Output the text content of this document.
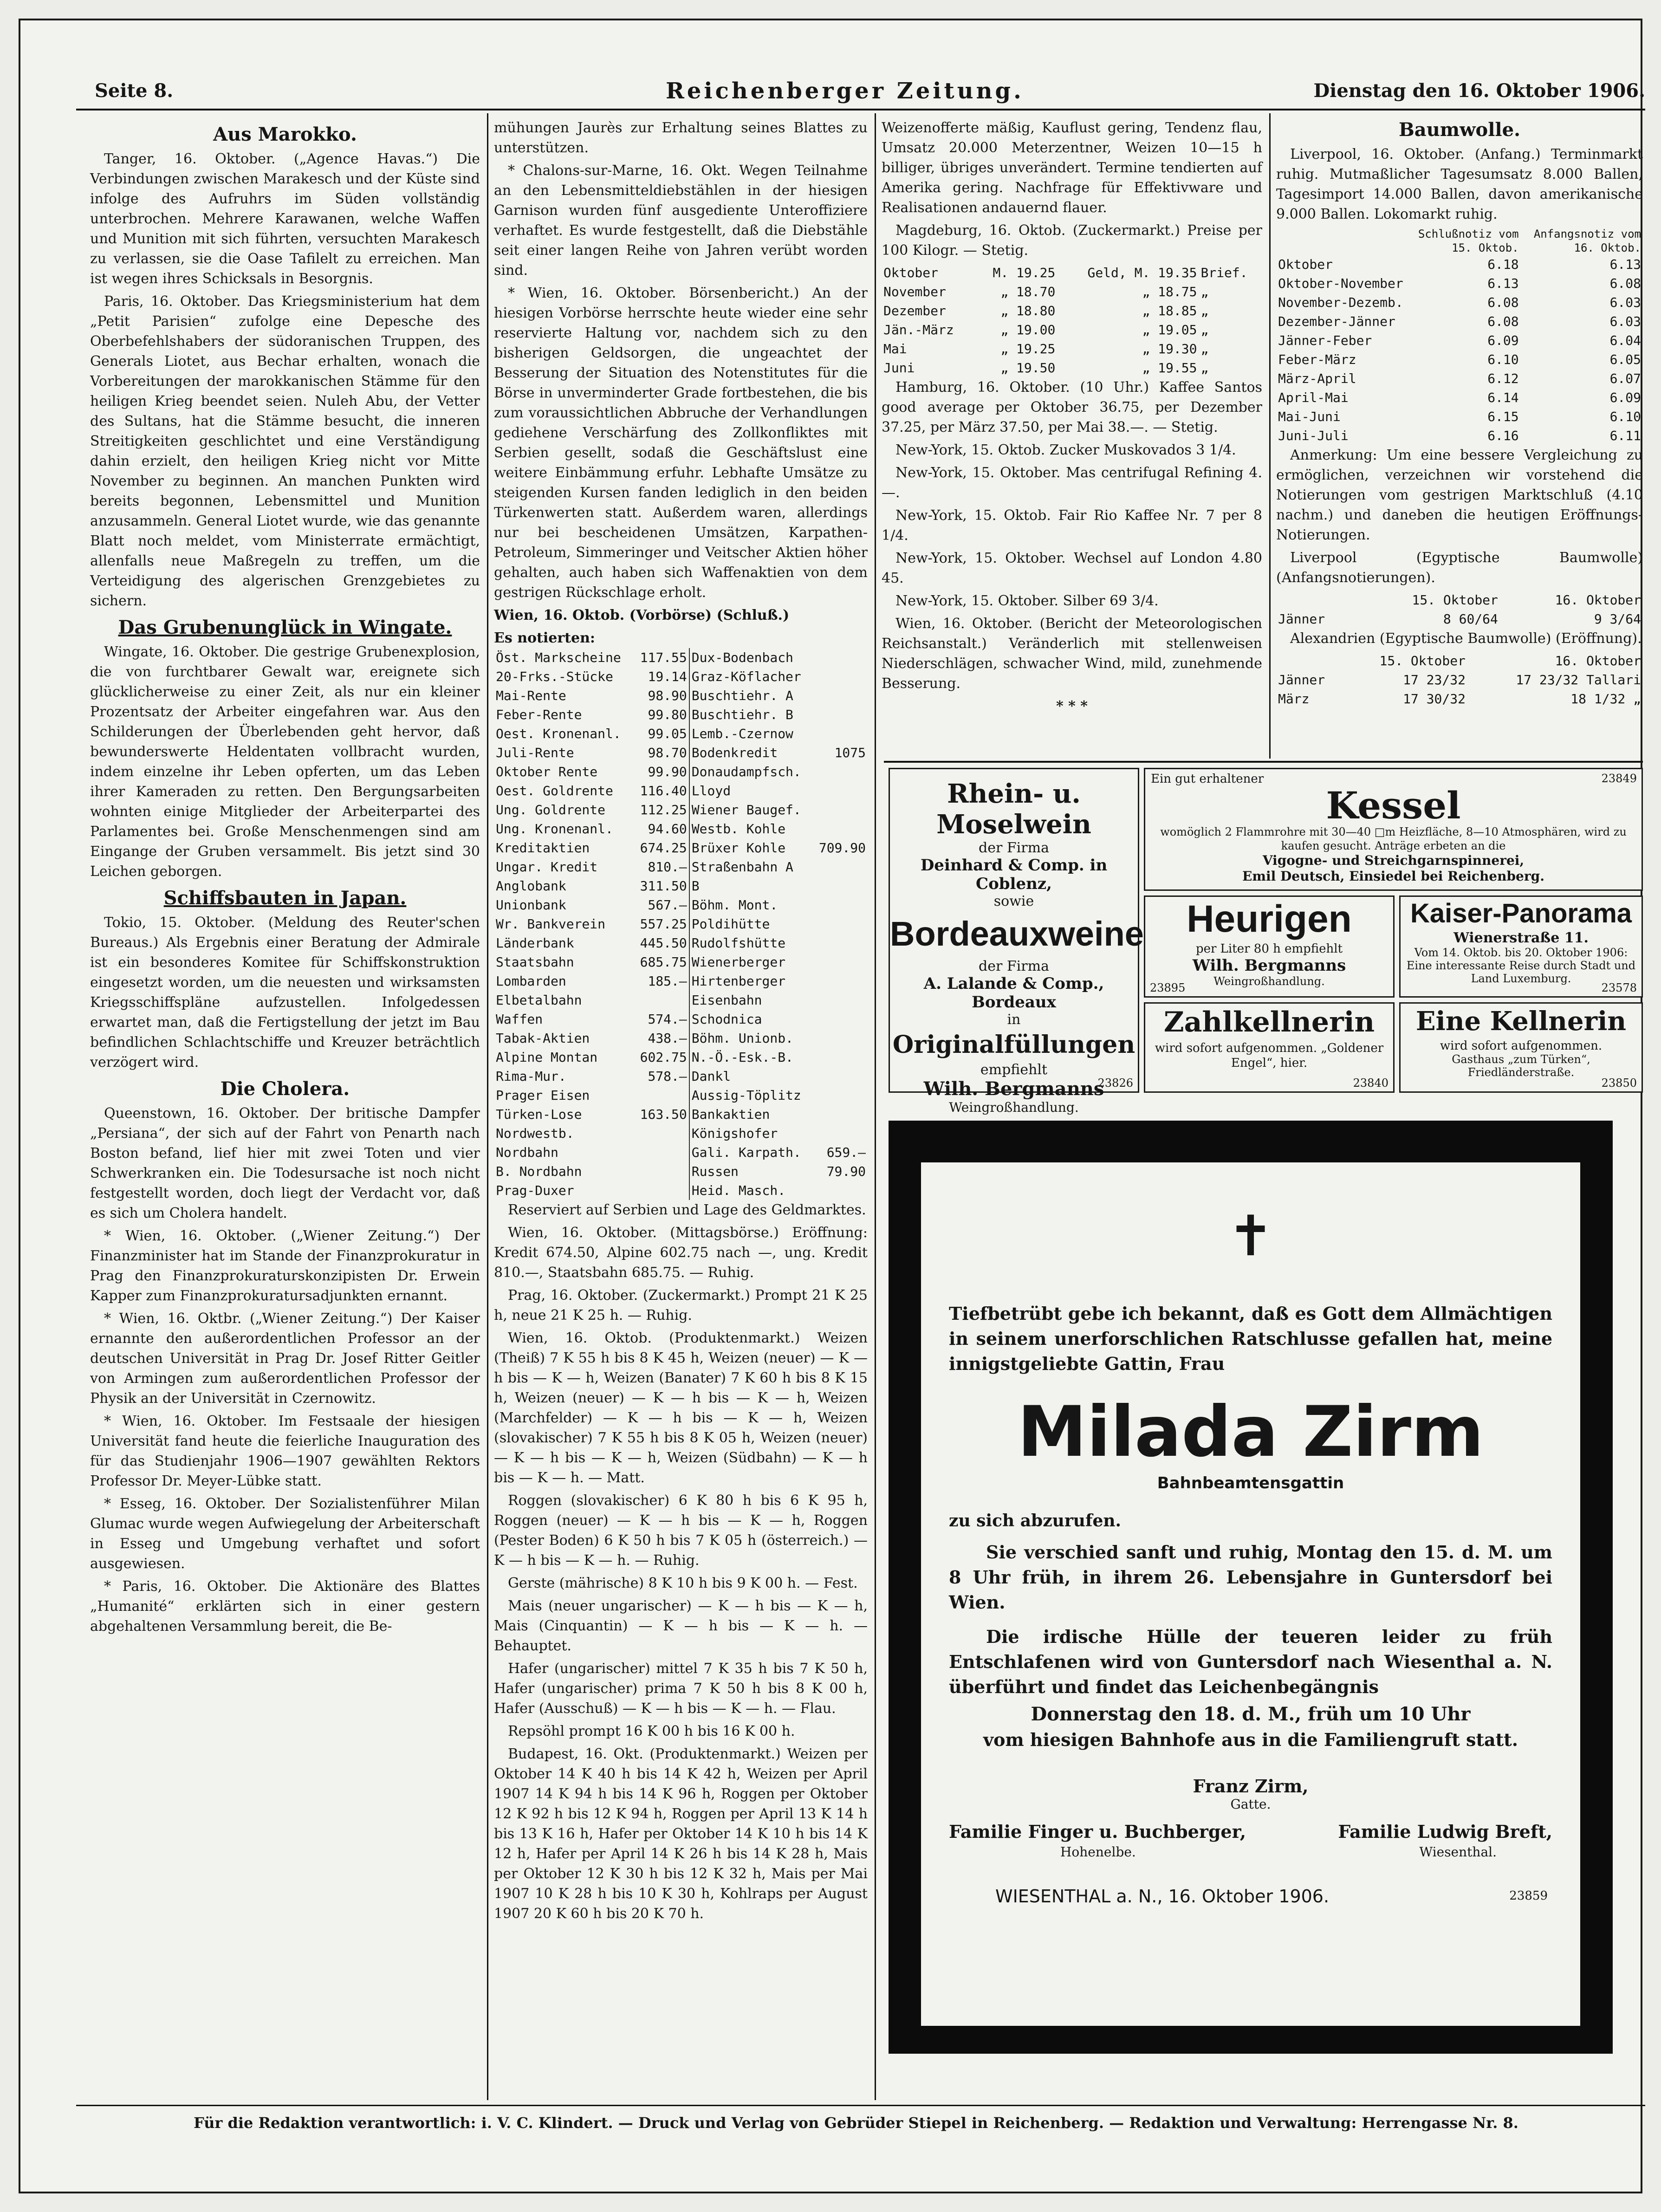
Seite 8.	Reichenberger Zeitung.	Dienstag den 16. Oktober 1906.
Aus Marokko.

Tanger, 16. Oktober. („Agence Havas.“) Die Verbindungen zwischen Marakesch und der Küste sind infolge des Aufruhrs im Süden vollständig unterbrochen. Mehrere Karawanen, welche Waffen und Munition mit sich führten, versuchten Marakesch zu verlassen, sie die Oase Tafilelt zu erreichen. Man ist wegen ihres Schicksals in Besorgnis.

Paris, 16. Oktober. Das Kriegsministerium hat dem „Petit Parisien“ zufolge eine Depesche des Oberbefehlshabers der südoranischen Truppen, des Generals Liotet, aus Bechar erhalten, wonach die Vorbereitungen der marokkanischen Stämme für den heiligen Krieg beendet seien. Nuleh Abu, der Vetter des Sultans, hat die Stämme besucht, die inneren Streitigkeiten geschlichtet und eine Verständigung dahin erzielt, den heiligen Krieg nicht vor Mitte November zu beginnen. An manchen Punkten wird bereits begonnen, Lebensmittel und Munition anzusammeln. General Liotet wurde, wie das genannte Blatt noch meldet, vom Ministerrate ermächtigt, allenfalls neue Maßregeln zu treffen, um die Verteidigung des algerischen Grenzgebietes zu sichern.

Das Grubenunglück in Wingate.

Wingate, 16. Oktober. Die gestrige Grubenexplosion, die von furchtbarer Gewalt war, ereignete sich glücklicherweise zu einer Zeit, als nur ein kleiner Prozentsatz der Arbeiter eingefahren war. Aus den Schilderungen der Überlebenden geht hervor, daß bewunderswerte Heldentaten vollbracht wurden, indem einzelne ihr Leben opferten, um das Leben ihrer Kameraden zu retten. Den Bergungsarbeiten wohnten einige Mitglieder der Arbeiterpartei des Parlamentes bei. Große Menschenmengen sind am Eingange der Gruben versammelt. Bis jetzt sind 30 Leichen geborgen.

Schiffsbauten in Japan.

Tokio, 15. Oktober. (Meldung des Reuter'schen Bureaus.) Als Ergebnis einer Beratung der Admirale ist ein besonderes Komitee für Schiffskonstruktion eingesetzt worden, um die neuesten und wirksamsten Kriegsschiffspläne aufzustellen. Infolgedessen erwartet man, daß die Fertigstellung der jetzt im Bau befindlichen Schlachtschiffe und Kreuzer beträchtlich verzögert wird.

Die Cholera.

Queenstown, 16. Oktober. Der britische Dampfer „Persiana“, der sich auf der Fahrt von Penarth nach Boston befand, lief hier mit zwei Toten und vier Schwerkranken ein. Die Todesursache ist noch nicht festgestellt worden, doch liegt der Verdacht vor, daß es sich um Cholera handelt.

* Wien, 16. Oktober. („Wiener Zeitung.“) Der Finanzminister hat im Stande der Finanzprokuratur in Prag den Finanzprokuraturskonzipisten Dr. Erwein Kapper zum Finanzprokuratursadjunkten ernannt.

* Wien, 16. Oktbr. („Wiener Zeitung.“) Der Kaiser ernannte den außerordentlichen Professor an der deutschen Universität in Prag Dr. Josef Ritter Geitler von Armingen zum außerordentlichen Professor der Physik an der Universität in Czernowitz.

* Wien, 16. Oktober. Im Festsaale der hiesigen Universität fand heute die feierliche Inauguration des für das Studienjahr 1906—1907 gewählten Rektors Professor Dr. Meyer-Lübke statt.

* Esseg, 16. Oktober. Der Sozialistenführer Milan Glumac wurde wegen Aufwiegelung der Arbeiterschaft in Esseg und Umgebung verhaftet und sofort ausgewiesen.

* Paris, 16. Oktober. Die Aktionäre des Blattes „Humanité“ erklärten sich in einer gestern abgehaltenen Versammlung bereit, die Be-

mühungen Jaurès zur Erhaltung seines Blattes zu unterstützen.

* Chalons-sur-Marne, 16. Okt. Wegen Teilnahme an den Lebensmitteldiebstählen in der hiesigen Garnison wurden fünf ausgediente Unteroffiziere verhaftet. Es wurde festgestellt, daß die Diebstähle seit einer langen Reihe von Jahren verübt worden sind.

* Wien, 16. Oktober. Börsenbericht.) An der hiesigen Vorbörse herrschte heute wieder eine sehr reservierte Haltung vor, nachdem sich zu den bisherigen Geldsorgen, die ungeachtet der Besserung der Situation des Notenstitutes für die Börse in unverminderter Grade fortbestehen, die bis zum voraussichtlichen Abbruche der Verhandlungen gediehene Verschärfung des Zollkonfliktes mit Serbien gesellt, sodaß die Geschäftslust eine weitere Einbämmung erfuhr. Lebhafte Umsätze zu steigenden Kursen fanden lediglich in den beiden Türkenwerten statt. Außerdem waren, allerdings nur bei bescheidenen Umsätzen, Karpathen-Petroleum, Simmeringer und Veitscher Aktien höher gehalten, auch haben sich Waffenaktien von dem gestrigen Rückschlage erholt.

Wien, 16. Oktob. (Vorbörse) (Schluß.)

Es notierten:

Öst. Markscheine	117.55	Dux-Bodenbach	
20-Frks.-Stücke	19.14	Graz-Köflacher	
Mai-Rente	98.90	Buschtiehr. A	
Feber-Rente	99.80	Buschtiehr. B	
Oest. Kronenanl.	99.05	Lemb.-Czernow	
Juli-Rente	98.70	Bodenkredit	1075
Oktober Rente	99.90	Donaudampfsch.	
Oest. Goldrente	116.40	Lloyd	
Ung. Goldrente	112.25	Wiener Baugef.	
Ung. Kronenanl.	94.60	Westb. Kohle	
Kreditaktien	674.25	Brüxer Kohle	709.90
Ungar. Kredit	810.—	Straßenbahn A	
Anglobank	311.50	B	
Unionbank	567.—	Böhm. Mont.	
Wr. Bankverein	557.25	Poldihütte	
Länderbank	445.50	Rudolfshütte	
Staatsbahn	685.75	Wienerberger	
Lombarden	185.—	Hirtenberger	
Elbetalbahn		Eisenbahn	
Waffen	574.—	Schodnica	
Tabak-Aktien	438.—	Böhm. Unionb.	
Alpine Montan	602.75	N.-Ö.-Esk.-B.	
Rima-Mur.	578.—	Dankl	
Prager Eisen		Aussig-Töplitz	
Türken-Lose	163.50	Bankaktien	
Nordwestb.		Königshofer	
Nordbahn		Gali. Karpath.	659.—
B. Nordbahn		Russen	79.90
Prag-Duxer		Heid. Masch.	

Reserviert auf Serbien und Lage des Geldmarktes.

Wien, 16. Oktober. (Mittagsbörse.) Eröffnung: Kredit 674.50, Alpine 602.75 nach —, ung. Kredit 810.—, Staatsbahn 685.75. — Ruhig.

Prag, 16. Oktober. (Zuckermarkt.) Prompt 21 K 25 h, neue 21 K 25 h. — Ruhig.

Wien, 16. Oktob. (Produktenmarkt.) Weizen (Theiß) 7 K 55 h bis 8 K 45 h, Weizen (neuer) — K — h bis — K — h, Weizen (Banater) 7 K 60 h bis 8 K 15 h, Weizen (neuer) — K — h bis — K — h, Weizen (Marchfelder) — K — h bis — K — h, Weizen (slovakischer) 7 K 55 h bis 8 K 05 h, Weizen (neuer) — K — h bis — K — h, Weizen (Südbahn) — K — h bis — K — h. — Matt.

Roggen (slovakischer) 6 K 80 h bis 6 K 95 h, Roggen (neuer) — K — h bis — K — h, Roggen (Pester Boden) 6 K 50 h bis 7 K 05 h (österreich.) — K — h bis — K — h. — Ruhig.

Gerste (mährische) 8 K 10 h bis 9 K 00 h. — Fest.

Mais (neuer ungarischer) — K — h bis — K — h, Mais (Cinquantin) — K — h bis — K — h. — Behauptet.

Hafer (ungarischer) mittel 7 K 35 h bis 7 K 50 h, Hafer (ungarischer) prima 7 K 50 h bis 8 K 00 h, Hafer (Ausschuß) — K — h bis — K — h. — Flau.

Repsöhl prompt 16 K 00 h bis 16 K 00 h.

Budapest, 16. Okt. (Produktenmarkt.) Weizen per Oktober 14 K 40 h bis 14 K 42 h, Weizen per April 1907 14 K 94 h bis 14 K 96 h, Roggen per Oktober 12 K 92 h bis 12 K 94 h, Roggen per April 13 K 14 h bis 13 K 16 h, Hafer per Oktober 14 K 10 h bis 14 K 12 h, Hafer per April 14 K 26 h bis 14 K 28 h, Mais per Oktober 12 K 30 h bis 12 K 32 h, Mais per Mai 1907 10 K 28 h bis 10 K 30 h, Kohlraps per August 1907 20 K 60 h bis 20 K 70 h.

Weizenofferte mäßig, Kauflust gering, Tendenz flau, Umsatz 20.000 Meterzentner, Weizen 10—15 h billiger, übriges unverändert. Termine tendierten auf Amerika gering. Nachfrage für Effektivware und Realisationen andauernd flauer.

Magdeburg, 16. Oktob. (Zuckermarkt.) Preise per 100 Kilogr. — Stetig.

Oktober	M. 19.25	Geld, M. 19.35	Brief.
November	„ 18.70	„ 18.75	„
Dezember	„ 18.80	„ 18.85	„
Jän.-März	„ 19.00	„ 19.05	„
Mai	„ 19.25	„ 19.30	„
Juni	„ 19.50	„ 19.55	„

Hamburg, 16. Oktober. (10 Uhr.) Kaffee Santos good average per Oktober 36.75, per Dezember 37.25, per März 37.50, per Mai 38.—. — Stetig.

New-York, 15. Oktob. Zucker Muskovados 3 1/4.

New-York, 15. Oktober. Mas centrifugal Refining 4.—.

New-York, 15. Oktob. Fair Rio Kaffee Nr. 7 per 8 1/4.

New-York, 15. Oktober. Wechsel auf London 4.80 45.

New-York, 15. Oktober. Silber 69 3/4.

Wien, 16. Oktober. (Bericht der Meteorologischen Reichsanstalt.) Veränderlich mit stellenweisen Niederschlägen, schwacher Wind, mild, zunehmende Besserung.

* * *

Baumwolle.

Liverpool, 16. Oktober. (Anfang.) Terminmarkt ruhig. Mutmaßlicher Tagesumsatz 8.000 Ballen, Tagesimport 14.000 Ballen, davon amerikanische 9.000 Ballen. Lokomarkt ruhig.

	Schlußnotiz vom 15. Oktob.	Anfangsnotiz vom 16. Oktob.
Oktober	6.18	6.13
Oktober-November	6.13	6.08
November-Dezemb.	6.08	6.03
Dezember-Jänner	6.08	6.03
Jänner-Feber	6.09	6.04
Feber-März	6.10	6.05
März-April	6.12	6.07
April-Mai	6.14	6.09
Mai-Juni	6.15	6.10
Juni-Juli	6.16	6.11

Anmerkung: Um eine bessere Vergleichung zu ermöglichen, verzeichnen wir vorstehend die Notierungen vom gestrigen Marktschluß (4.10 nachm.) und daneben die heutigen Eröffnungs-Notierungen.

Liverpool (Egyptische Baumwolle) (Anfangsnotierungen).

	15. Oktober	16. Oktober
Jänner	8 60/64	9 3/64

Alexandrien (Egyptische Baumwolle) (Eröffnung).

	15. Oktober	16. Oktober
Jänner	17 23/32	17 23/32 Tallari
März	17 30/32	18 1/32 „
Rhein- u. Moselwein
der Firma
Deinhard & Comp. in Coblenz,
sowie
Bordeauxweine
der Firma
A. Lalande & Comp., Bordeaux
in
Originalfüllungen
empfiehlt
Wilh. Bergmanns
Weingroßhandlung.
23826
Ein gut erhaltener
Kessel
womöglich 2 Flammrohre mit 30—40 □m Heizfläche, 8—10 Atmosphären, wird zu kaufen gesucht. Anträge erbeten an die
Vigogne- und Streichgarnspinnerei,
Emil Deutsch, Einsiedel bei Reichenberg.
23849
Heurigen
per Liter 80 h empfiehlt
Wilh. Bergmanns
Weingroßhandlung.
23895
Kaiser-Panorama
Wienerstraße 11.
Vom 14. Oktob. bis 20. Oktober 1906:
Eine interessante Reise durch Stadt und Land Luxemburg.
23578
Zahlkellnerin
wird sofort aufgenommen. „Goldener Engel“, hier.
23840
Eine Kellnerin
wird sofort aufgenommen.
Gasthaus „zum Türken“, Friedländerstraße.
23850
✝
Tiefbetrübt gebe ich bekannt, daß es Gott dem Allmächtigen in seinem unerforschlichen Ratschlusse gefallen hat, meine innigstgeliebte Gattin, Frau
Milada Zirm
Bahnbeamtensgattin
zu sich abzurufen.
Sie verschied sanft und ruhig, Montag den 15. d. M. um 8 Uhr früh, in ihrem 26. Lebensjahre in Guntersdorf bei Wien.
Die irdische Hülle der teueren leider zu früh Entschlafenen wird von Guntersdorf nach Wiesenthal a. N. überführt und findet das Leichenbegängnis
Donnerstag den 18. d. M., früh um 10 Uhr
vom hiesigen Bahnhofe aus in die Familiengruft statt.
Franz Zirm,
Gatte.
Familie Finger u. Buchberger,
Hohenelbe.
Familie Ludwig Breft,
Wiesenthal.
WIESENTHAL a. N., 16. Oktober 1906.	23859
Für die Redaktion verantwortlich: i. V. C. Klindert. — Druck und Verlag von Gebrüder Stiepel in Reichenberg. — Redaktion und Verwaltung: Herrengasse Nr. 8.
